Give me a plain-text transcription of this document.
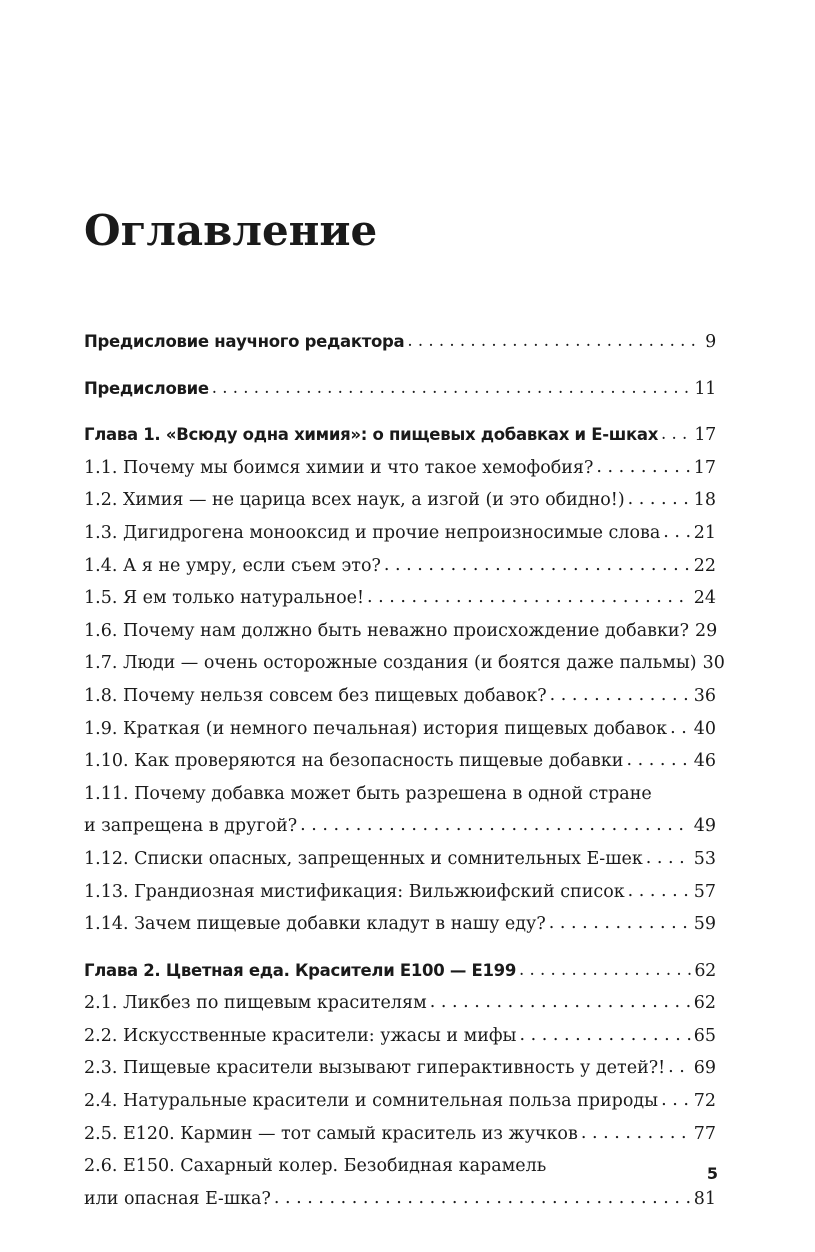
Оглавление
Предисловие научного редактора . . .	9
Предисловие . . .	11
Глава 1. «Всюду одна химия»: о пищевых добавках и Е-шках . . . 17
1.1. Почему мы боимся химии и что такое хемофобия? . . .	17
1.2. Химия — не царица всех наук, а изгой (и это обидно!) . . .	18
1.3. Дигидрогена монооксид и прочие непроизносимые слова . . . 21
1.4. А я не умру, если съем это? . . .	22
1.5. Я ем только натуральное! . . .	24
1.6. Почему нам должно быть неважно происхождение добавки? 29
1.7. Люди — очень осторожные создания (и боятся даже пальмы) 30
1.8. Почему нельзя совсем без пищевых добавок? . . .	36
1.9. Краткая (и немного печальная) история пищевых добавок . . . 40
1.10. Как проверяются на безопасность пищевые добавки . . .	46
1.11. Почему добавка может быть разрешена в одной стране
и запрещена в другой? . . .	49
1.12. Списки опасных, запрещенных и сомнительных Е-шек . . .	53
1.13. Грандиозная мистификация: Вильжюифский список . . .	57
1.14. Зачем пищевые добавки кладут в нашу еду? . . .	59
Глава 2. Цветная еда. Красители Е100 — Е199 . . .	62
2.1. Ликбез по пищевым красителям . . .	62
2.2. Искусственные красители: ужасы и мифы . . .	65
2.3. Пищевые красители вызывают гиперактивность у детей?! . . . 69
2.4. Натуральные красители и сомнительная польза природы . . . 72
2.5. Е120. Кармин — тот самый краситель из жучков . . .	77
2.6. Е150. Сахарный колер. Безобидная карамель
или опасная Е-шка? . . .	81
5
